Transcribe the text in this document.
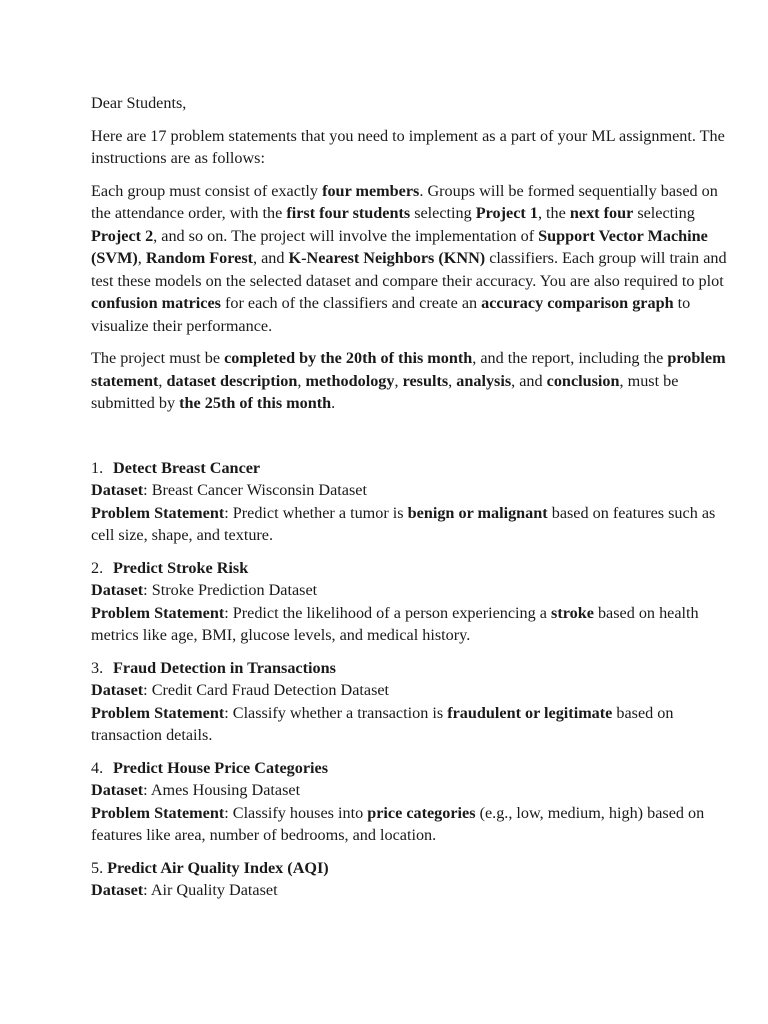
Dear Students,

Here are 17 problem statements that you need to implement as a part of your ML assignment. The instructions are as follows:

Each group must consist of exactly four members. Groups will be formed sequentially based on the attendance order, with the first four students selecting Project 1, the next four selecting Project 2, and so on. The project will involve the implementation of Support Vector Machine (SVM), Random Forest, and K-Nearest Neighbors (KNN) classifiers. Each group will train and test these models on the selected dataset and compare their accuracy. You are also required to plot confusion matrices for each of the classifiers and create an accuracy comparison graph to visualize their performance.

The project must be completed by the 20th of this month, and the report, including the problem statement, dataset description, methodology, results, analysis, and conclusion, must be submitted by the 25th of this month.

1. Detect Breast Cancer

Dataset: Breast Cancer Wisconsin Dataset

Problem Statement: Predict whether a tumor is benign or malignant based on features such as cell size, shape, and texture.

2. Predict Stroke Risk

Dataset: Stroke Prediction Dataset

Problem Statement: Predict the likelihood of a person experiencing a stroke based on health metrics like age, BMI, glucose levels, and medical history.

3. Fraud Detection in Transactions

Dataset: Credit Card Fraud Detection Dataset

Problem Statement: Classify whether a transaction is fraudulent or legitimate based on transaction details.

4. Predict House Price Categories

Dataset: Ames Housing Dataset

Problem Statement: Classify houses into price categories (e.g., low, medium, high) based on features like area, number of bedrooms, and location.

5. Predict Air Quality Index (AQI)

Dataset: Air Quality Dataset
